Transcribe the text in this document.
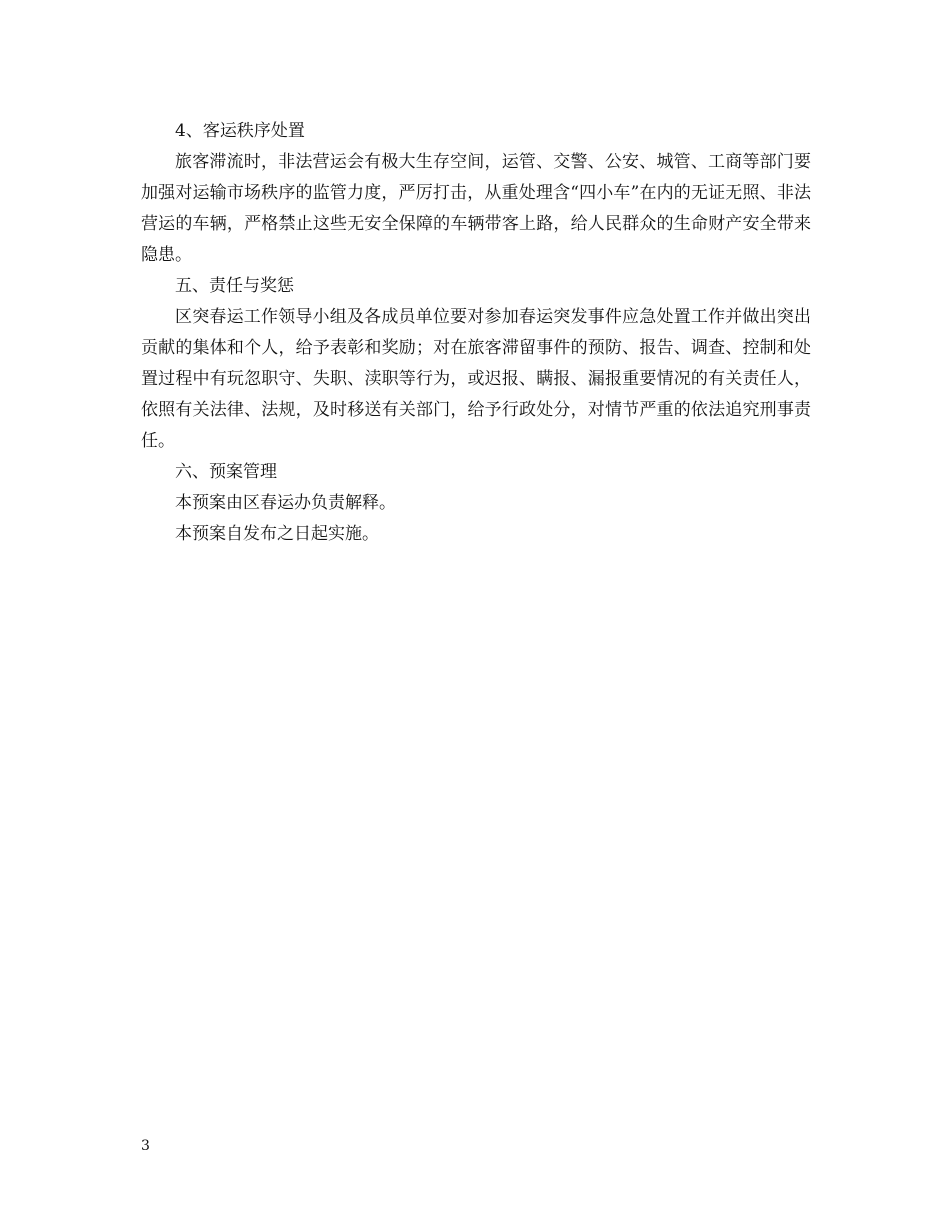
4、客运秩序处置

旅客滞流时，非法营运会有极大生存空间，运管、交警、公安、城管、工商等部门要加强对运输市场秩序的监管力度，严厉打击，从重处理含“四小车”在内的无证无照、非法营运的车辆，严格禁止这些无安全保障的车辆带客上路，给人民群众的生命财产安全带来隐患。

五、责任与奖惩

区突春运工作领导小组及各成员单位要对参加春运突发事件应急处置工作并做出突出贡献的集体和个人，给予表彰和奖励；对在旅客滞留事件的预防、报告、调查、控制和处置过程中有玩忽职守、失职、渎职等行为，或迟报、瞒报、漏报重要情况的有关责任人，依照有关法律、法规，及时移送有关部门，给予行政处分，对情节严重的依法追究刑事责任。

六、预案管理

本预案由区春运办负责解释。

本预案自发布之日起实施。

3
